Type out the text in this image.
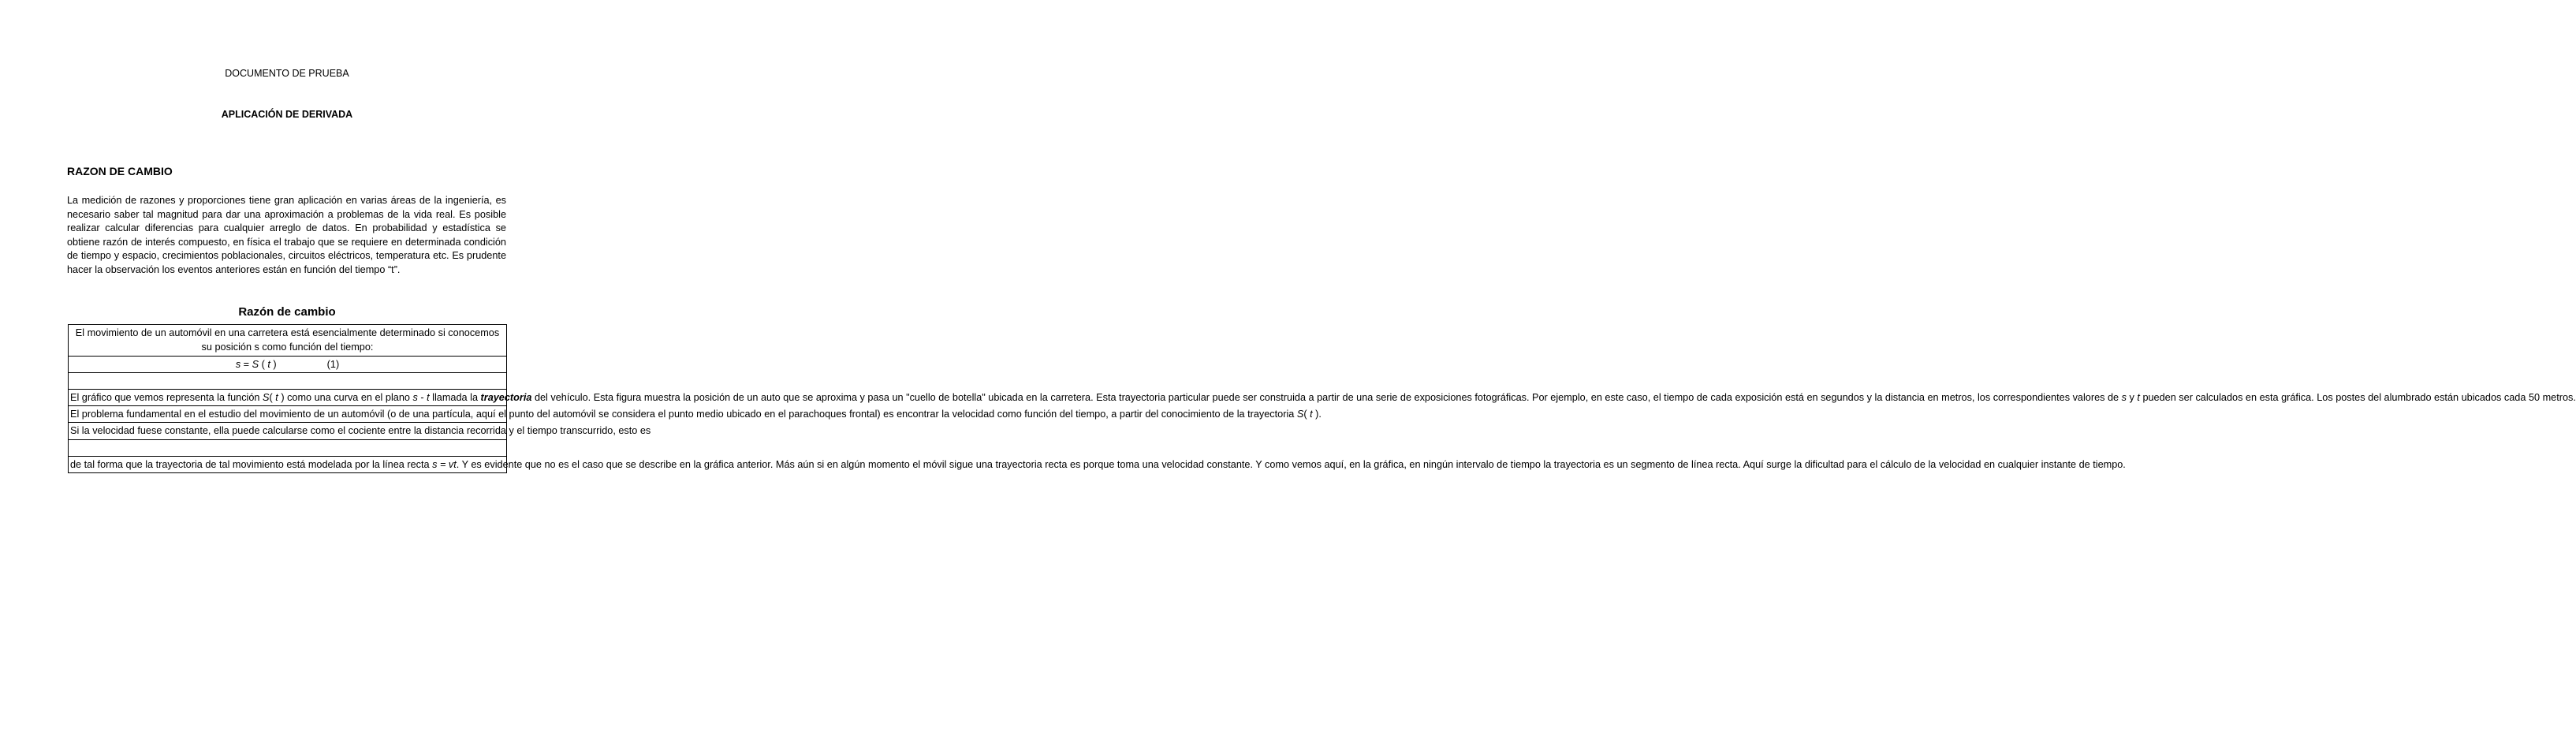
DOCUMENTO DE PRUEBA
APLICACIÓN DE DERIVADA
RAZON DE CAMBIO

La medición de razones y proporciones tiene gran aplicación en varias áreas de la ingeniería, es necesario saber tal magnitud para dar una aproximación a problemas de la vida real. Es posible realizar calcular diferencias para cualquier arreglo de datos. En probabilidad y estadística se obtiene razón de interés compuesto, en física el trabajo que se requiere en determinada condición de tiempo y espacio, crecimientos poblacionales, circuitos eléctricos, temperatura etc. Es prudente hacer la observación los eventos anteriores están en función del tiempo “t”.

Razón de cambio
El movimiento de un automóvil en una carretera está esencialmente determinado si conocemos
su posición s como función del tiempo:
s = S ( t )	(1)

El gráfico que vemos representa la función S( t ) como una curva en el plano s - t llamada la trayectoria del vehículo. Esta figura muestra la posición de un auto que se aproxima y pasa un "cuello de botella" ubicada en la carretera. Esta trayectoria particular puede ser construida a partir de una serie de exposiciones fotográficas. Por ejemplo, en este caso, el tiempo de cada exposición está en segundos y la distancia en metros, los correspondientes valores de s y t pueden ser calculados en esta gráfica. Los postes del alumbrado están ubicados cada 50 metros.
El problema fundamental en el estudio del movimiento de un automóvil (o de una partícula, aquí el punto del automóvil se considera el punto medio ubicado en el parachoques frontal) es encontrar la velocidad como función del tiempo, a partir del conocimiento de la trayectoria S( t ).
Si la velocidad fuese constante, ella puede calcularse como el cociente entre la distancia recorrida y el tiempo transcurrido, esto es

de tal forma que la trayectoria de tal movimiento está modelada por la línea recta s = vt. Y es evidente que no es el caso que se describe en la gráfica anterior. Más aún si en algún momento el móvil sigue una trayectoria recta es porque toma una velocidad constante. Y como vemos aquí, en la gráfica, en ningún intervalo de tiempo la trayectoria es un segmento de línea recta. Aquí surge la dificultad para el cálculo de la velocidad en cualquier instante de tiempo.
